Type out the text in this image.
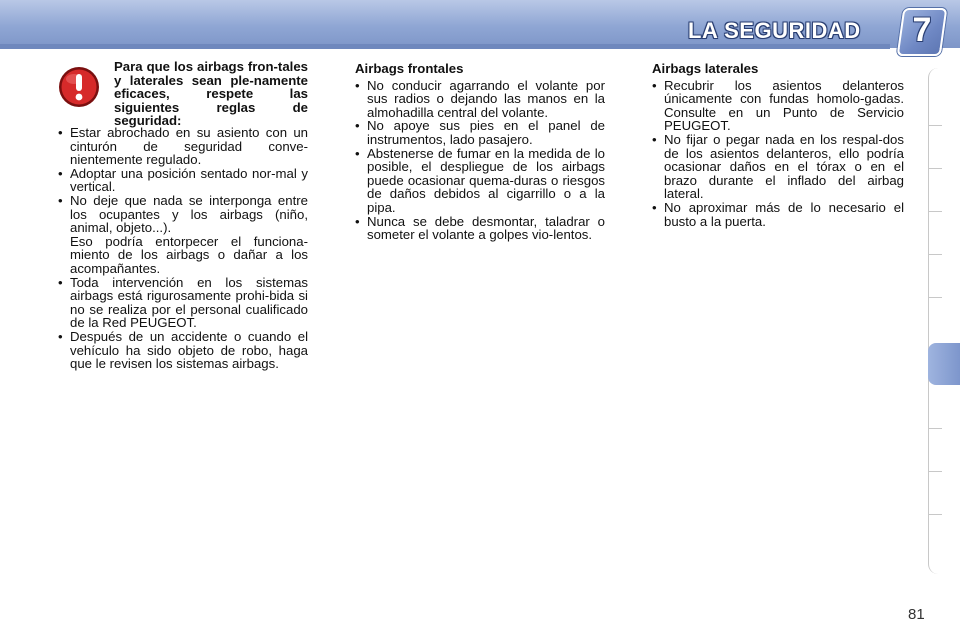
LA SEGURIDAD 7
Para que los airbags fron-tales y laterales sean ple-namente eficaces, respete las siguientes reglas de seguridad:
• Estar abrochado en su asiento con un cinturón de seguridad conve-nientemente regulado.
• Adoptar una posición sentado nor-mal y vertical.
• No deje que nada se interponga entre los ocupantes y los airbags (niño, animal, objeto...).
Eso podría entorpecer el funciona-miento de los airbags o dañar a los acompañantes.
• Toda intervención en los sistemas airbags está rigurosamente prohi-bida si no se realiza por el personal cualificado de la Red PEUGEOT.
• Después de un accidente o cuando el vehículo ha sido objeto de robo, haga que le revisen los sistemas airbags.
Airbags frontales
• No conducir agarrando el volante por sus radios o dejando las manos en la almohadilla central del volante.
• No apoye sus pies en el panel de instrumentos, lado pasajero.
• Abstenerse de fumar en la medida de lo posible, el despliegue de los airbags puede ocasionar quema-duras o riesgos de daños debidos al cigarrillo o a la pipa.
• Nunca se debe desmontar, taladrar o someter el volante a golpes vio-lentos.
Airbags laterales
• Recubrir los asientos delanteros únicamente con fundas homolo-gadas. Consulte en un Punto de Servicio PEUGEOT.
• No fijar o pegar nada en los respal-dos de los asientos delanteros, ello podría ocasionar daños en el tórax o en el brazo durante el inflado del airbag lateral.
• No aproximar más de lo necesario el busto a la puerta.
81
